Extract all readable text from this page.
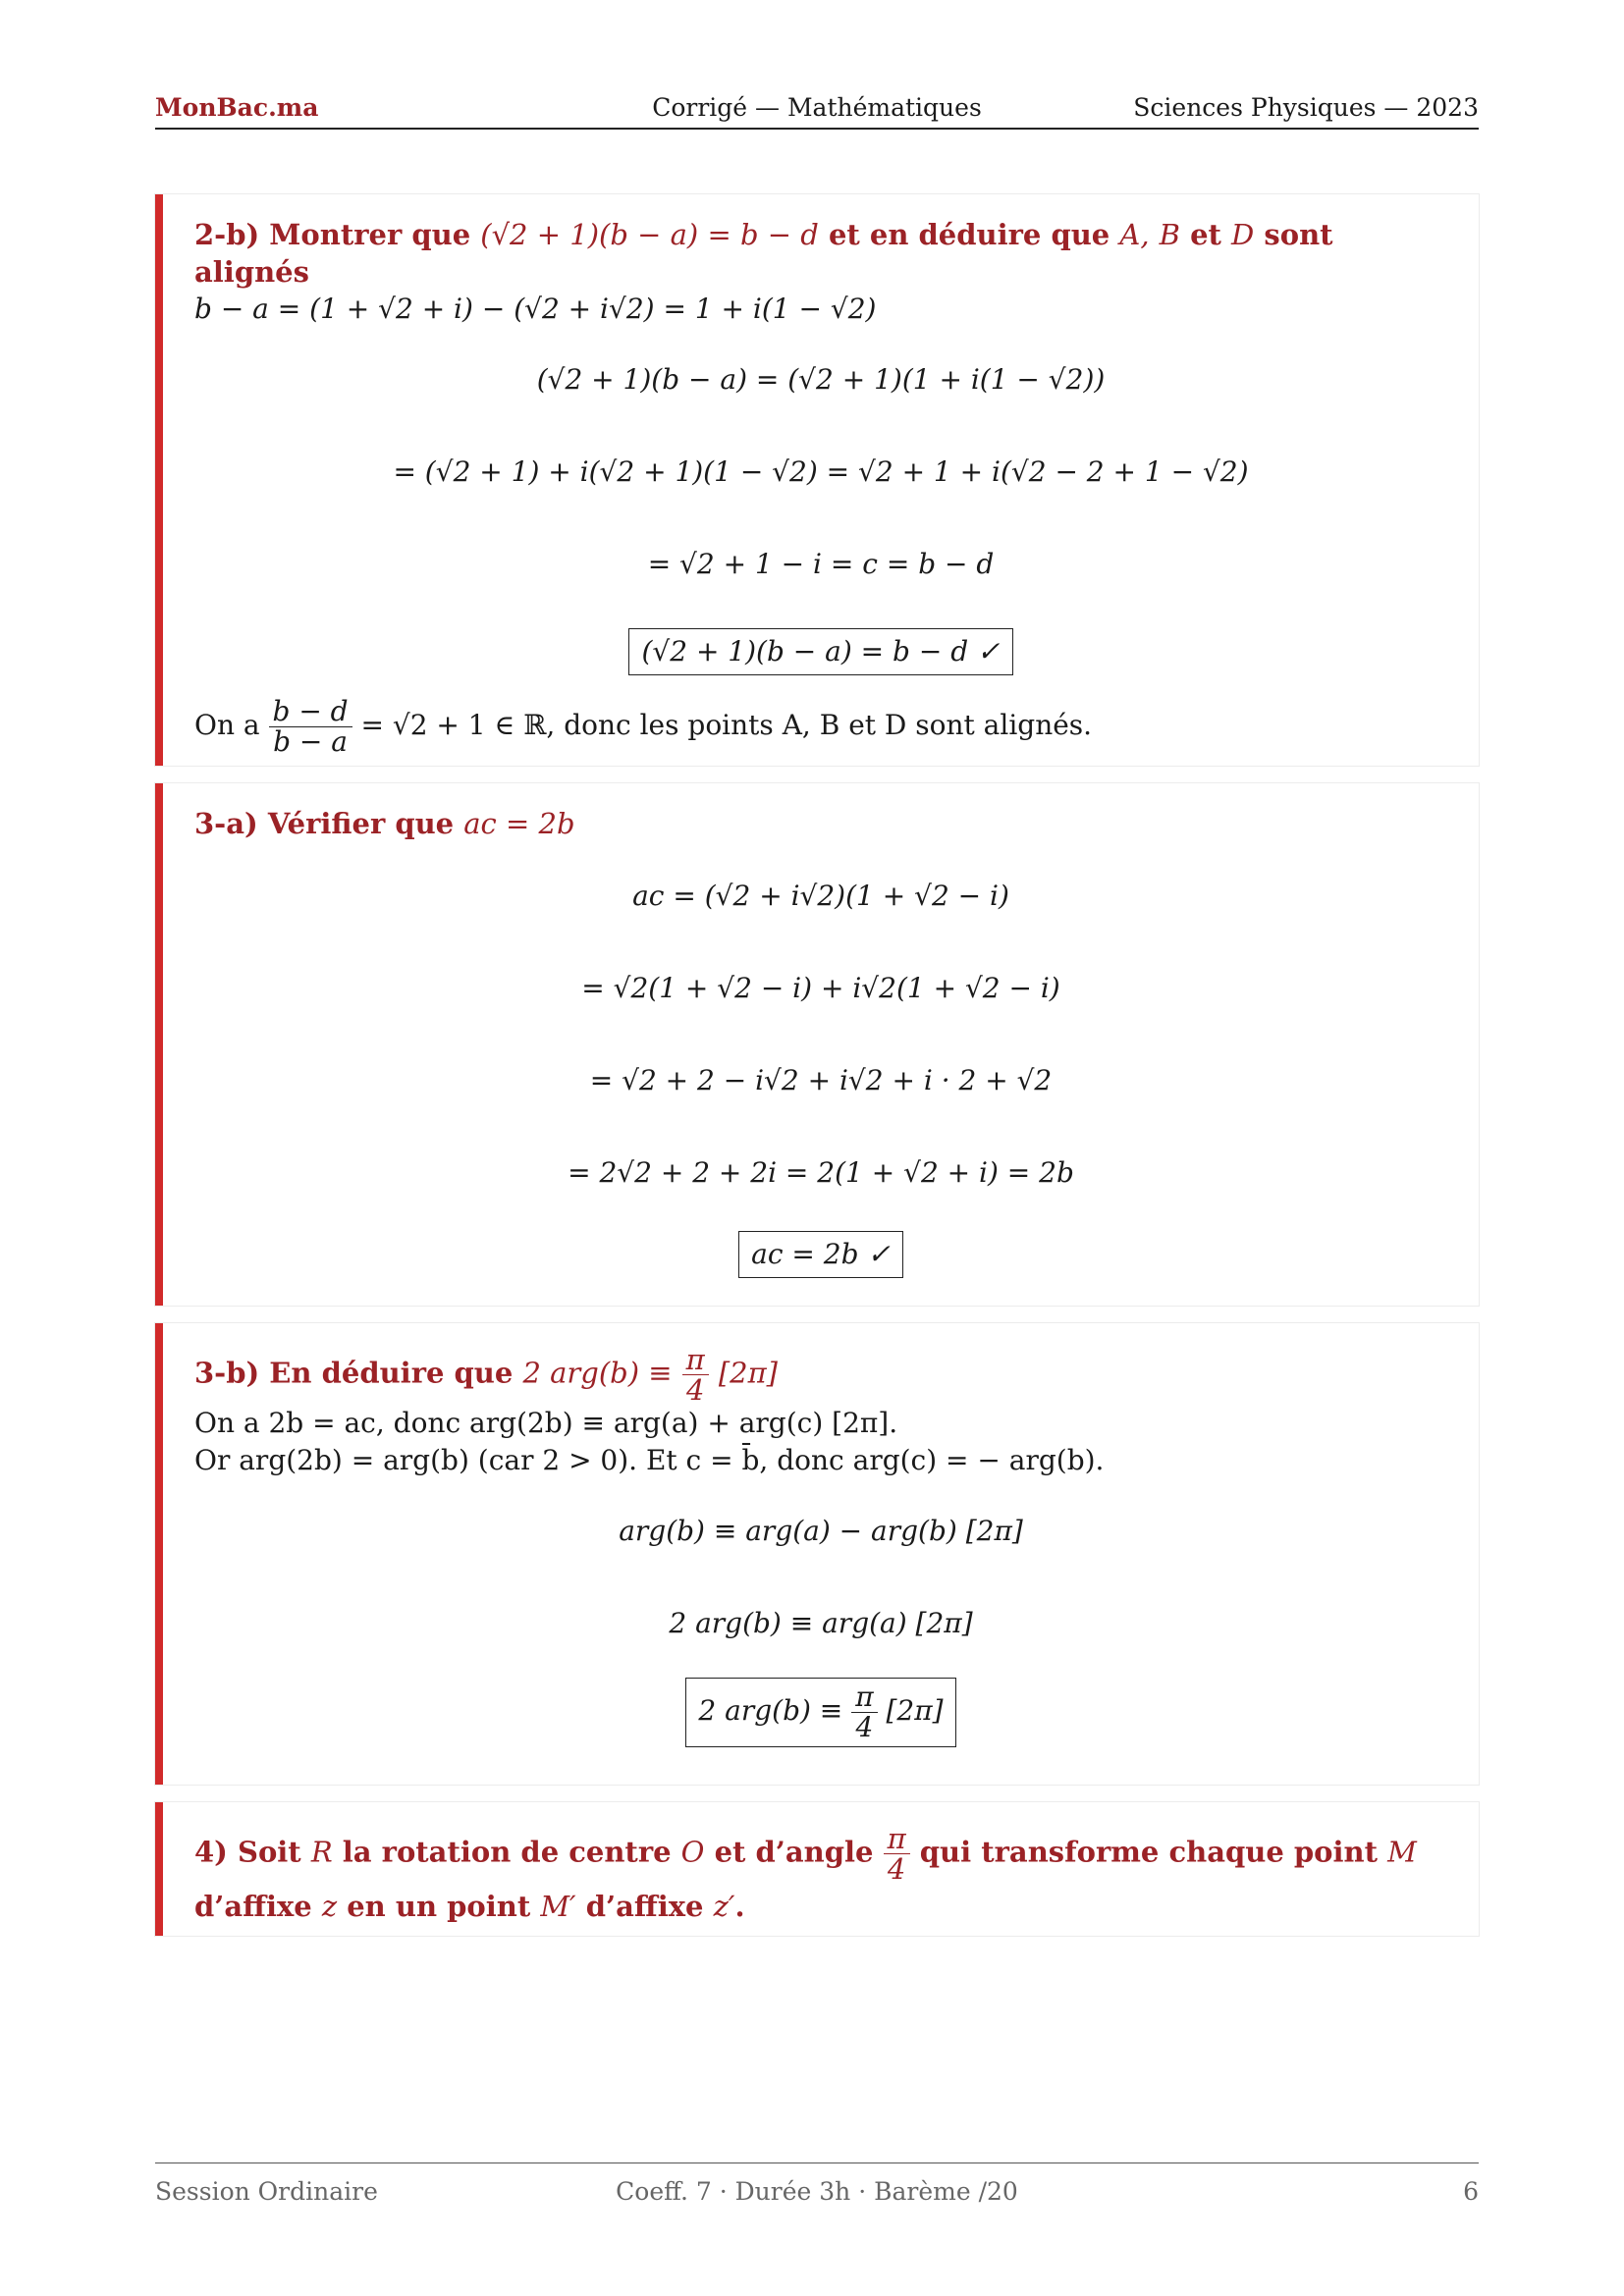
MonBac.ma	Corrigé — Mathématiques	Sciences Physiques — 2023
2-b) Montrer que (√2 + 1)(b − a) = b − d et en déduire que A, B et D sont alignés
b − a = (1 + √2 + i) − (√2 + i√2) = 1 + i(1 − √2)

(√2 + 1)(b − a) = (√2 + 1)(1 + i(1 − √2))

= (√2 + 1) + i(√2 + 1)(1 − √2) = √2 + 1 + i(√2 − 2 + 1 − √2)

= √2 + 1 − i = c = b − d

(√2 + 1)(b − a) = b − d ✓

On a $\frac{b - d}{b - a} = √2 + 1$ ∈ ℝ, donc les points A, B et D sont alignés.
3-a) Vérifier que ac = 2b

ac = (√2 + i√2)(1 + √2 − i)

= √2(1 + √2 − i) + i√2(1 + √2 − i)

= √2 + 2 − i√2 + i√2 + i · 2 + √2

= 2√2 + 2 + 2i = 2(1 + √2 + i) = 2b

ac = 2b ✓

3-b) En déduire que 2 $arg(b) \equiv \frac{\pi}{4} [2\pi]$
On a 2b = ac, donc arg(2b) ≡ arg(a) + arg(c) [2π].
Or arg(2b) = arg(b) (car 2 > 0). Et c = b̄, donc arg(c) = − arg(b).

arg(b) ≡ arg(a) − arg(b) [2π]

2 arg(b) ≡ arg(a) [2π]

2 $arg(b) \equiv \frac{\pi}{4} [2\pi]$

4) Soit R la rotation de centre O et d’angle $\frac{\pi}{4}$ qui transforme chaque point M d’affixe z en un point M′ d’affixe z′.
Session Ordinaire	Coeff. 7 · Durée 3h · Barème /20	6
